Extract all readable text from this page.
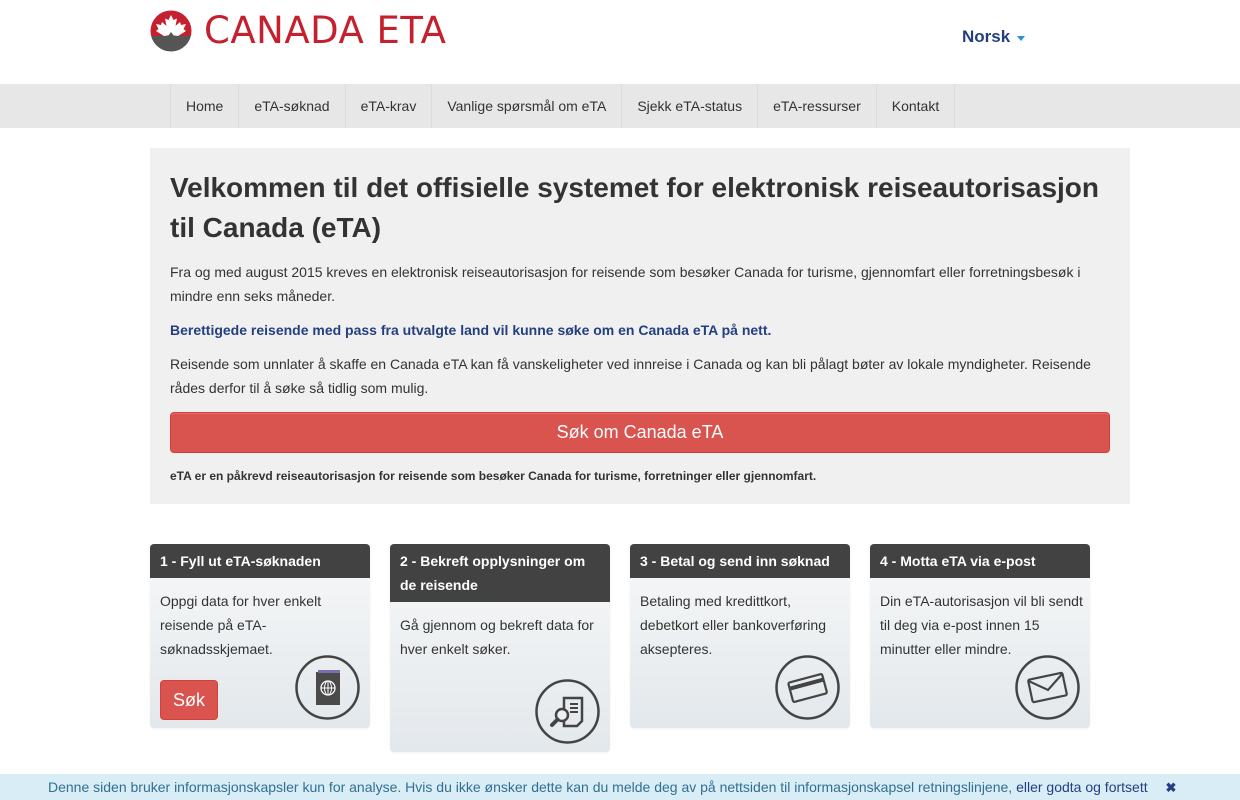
CANADA ETA	Norsk
Home	eTA-søknad	eTA-krav	Vanlige spørsmål om eTA	Sjekk eTA-status	eTA-ressurser	Kontakt
Velkommen til det offisielle systemet for elektronisk reiseautorisasjon til Canada (eTA)

Fra og med august 2015 kreves en elektronisk reiseautorisasjon for reisende som besøker Canada for turisme, gjennomfart eller forretningsbesøk i mindre enn seks måneder.

Berettigede reisende med pass fra utvalgte land vil kunne søke om en Canada eTA på nett.

Reisende som unnlater å skaffe en Canada eTA kan få vanskeligheter ved innreise i Canada og kan bli pålagt bøter av lokale myndigheter. Reisende rådes derfor til å søke så tidlig som mulig.

Søk om Canada eTA
eTA er en påkrevd reiseautorisasjon for reisende som besøker Canada for turisme, forretninger eller gjennomfart.
1 - Fyll ut eTA-søknaden
Oppgi data for hver enkelt reisende på eTA-søknadsskjemaet.
Søk
2 - Bekreft opplysninger om de reisende
Gå gjennom og bekreft data for hver enkelt søker.
3 - Betal og send inn søknad
Betaling med kredittkort, debetkort eller bankoverføring aksepteres.
4 - Motta eTA via e-post
Din eTA-autorisasjon vil bli sendt til deg via e-post innen 15 minutter eller mindre.
Denne siden bruker informasjonskapsler kun for analyse. Hvis du ikke ønsker dette kan du melde deg av på nettsiden til informasjonskapsel retningslinjene, eller godta og fortsett ✖
